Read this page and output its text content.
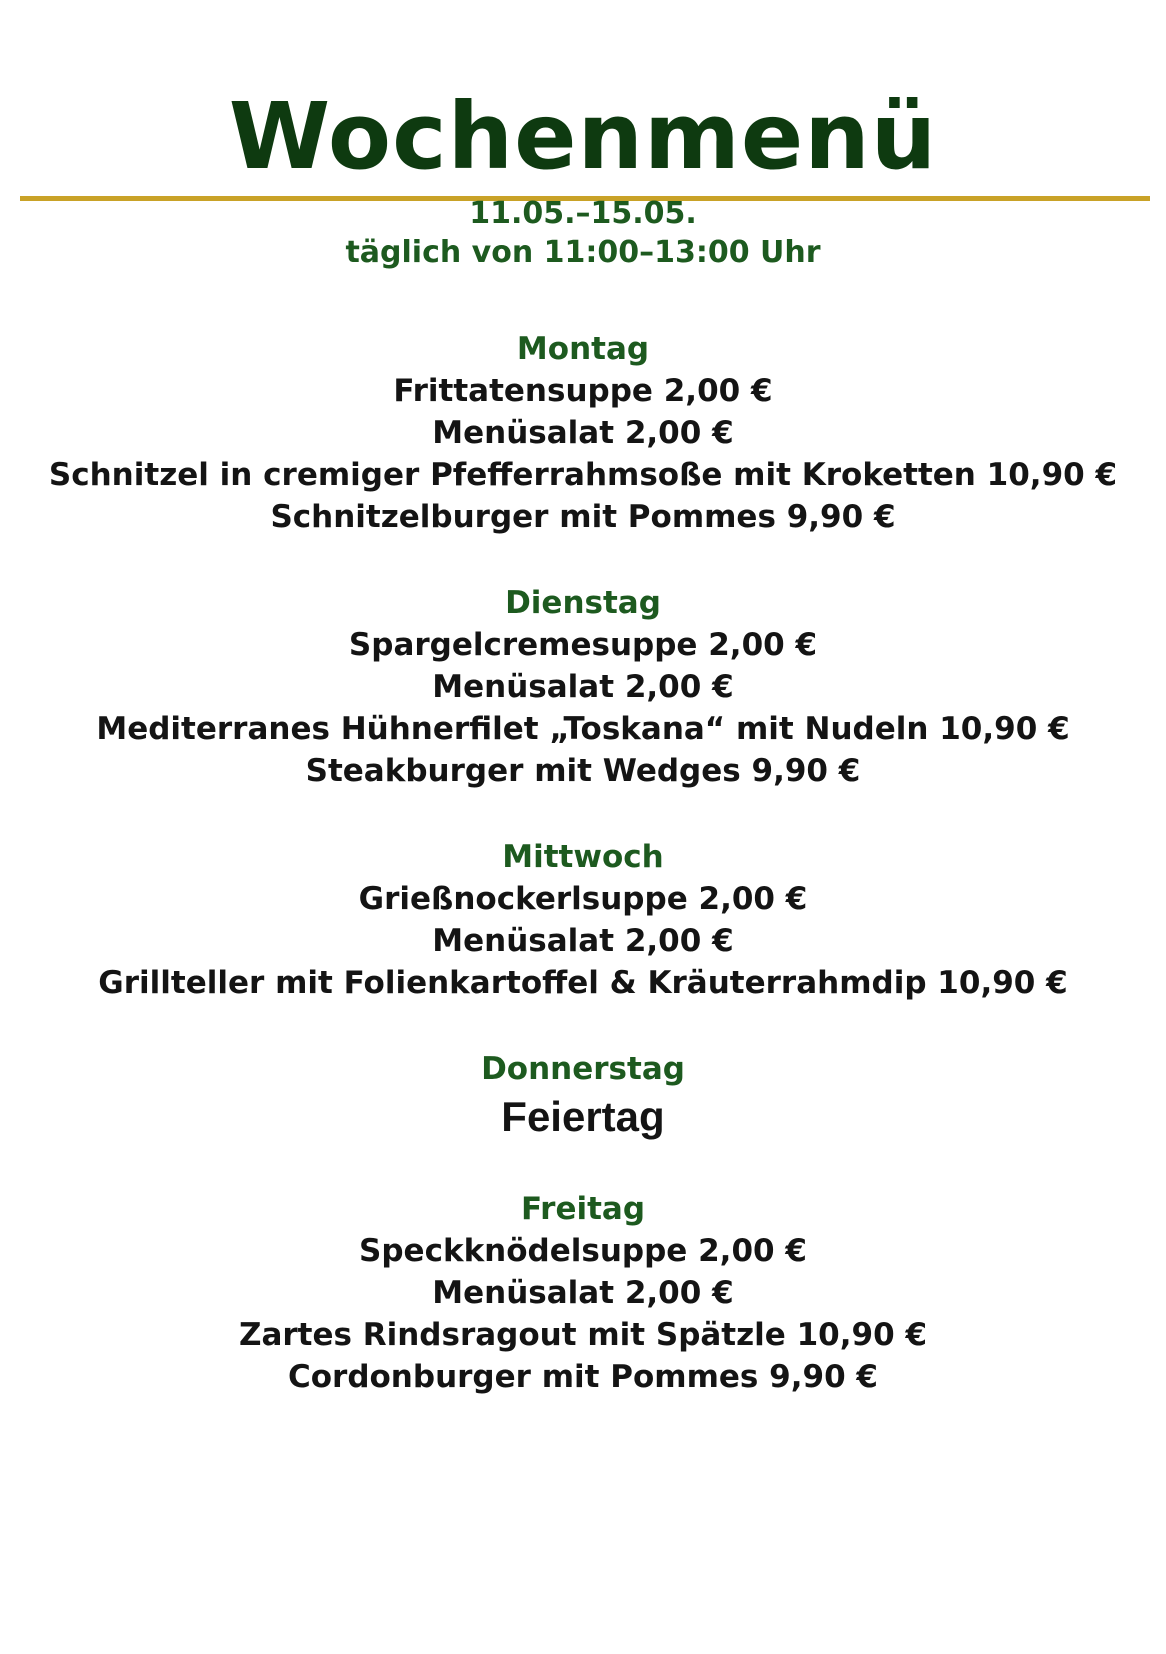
Wochenmenü
11.05.–15.05.
täglich von 11:00–13:00 Uhr
Montag
Frittatensuppe 2,00 €
Menüsalat 2,00 €
Schnitzel in cremiger Pfefferrahmsoße mit Kroketten 10,90 €
Schnitzelburger mit Pommes 9,90 €
Dienstag
Spargelcremesuppe 2,00 €
Menüsalat 2,00 €
Mediterranes Hühnerfilet „Toskana“ mit Nudeln 10,90 €
Steakburger mit Wedges 9,90 €
Mittwoch
Grießnockerlsuppe 2,00 €
Menüsalat 2,00 €
Grillteller mit Folienkartoffel & Kräuterrahmdip 10,90 €
Donnerstag
Feiertag
Freitag
Speckknödelsuppe 2,00 €
Menüsalat 2,00 €
Zartes Rindsragout mit Spätzle 10,90 €
Cordonburger mit Pommes 9,90 €
